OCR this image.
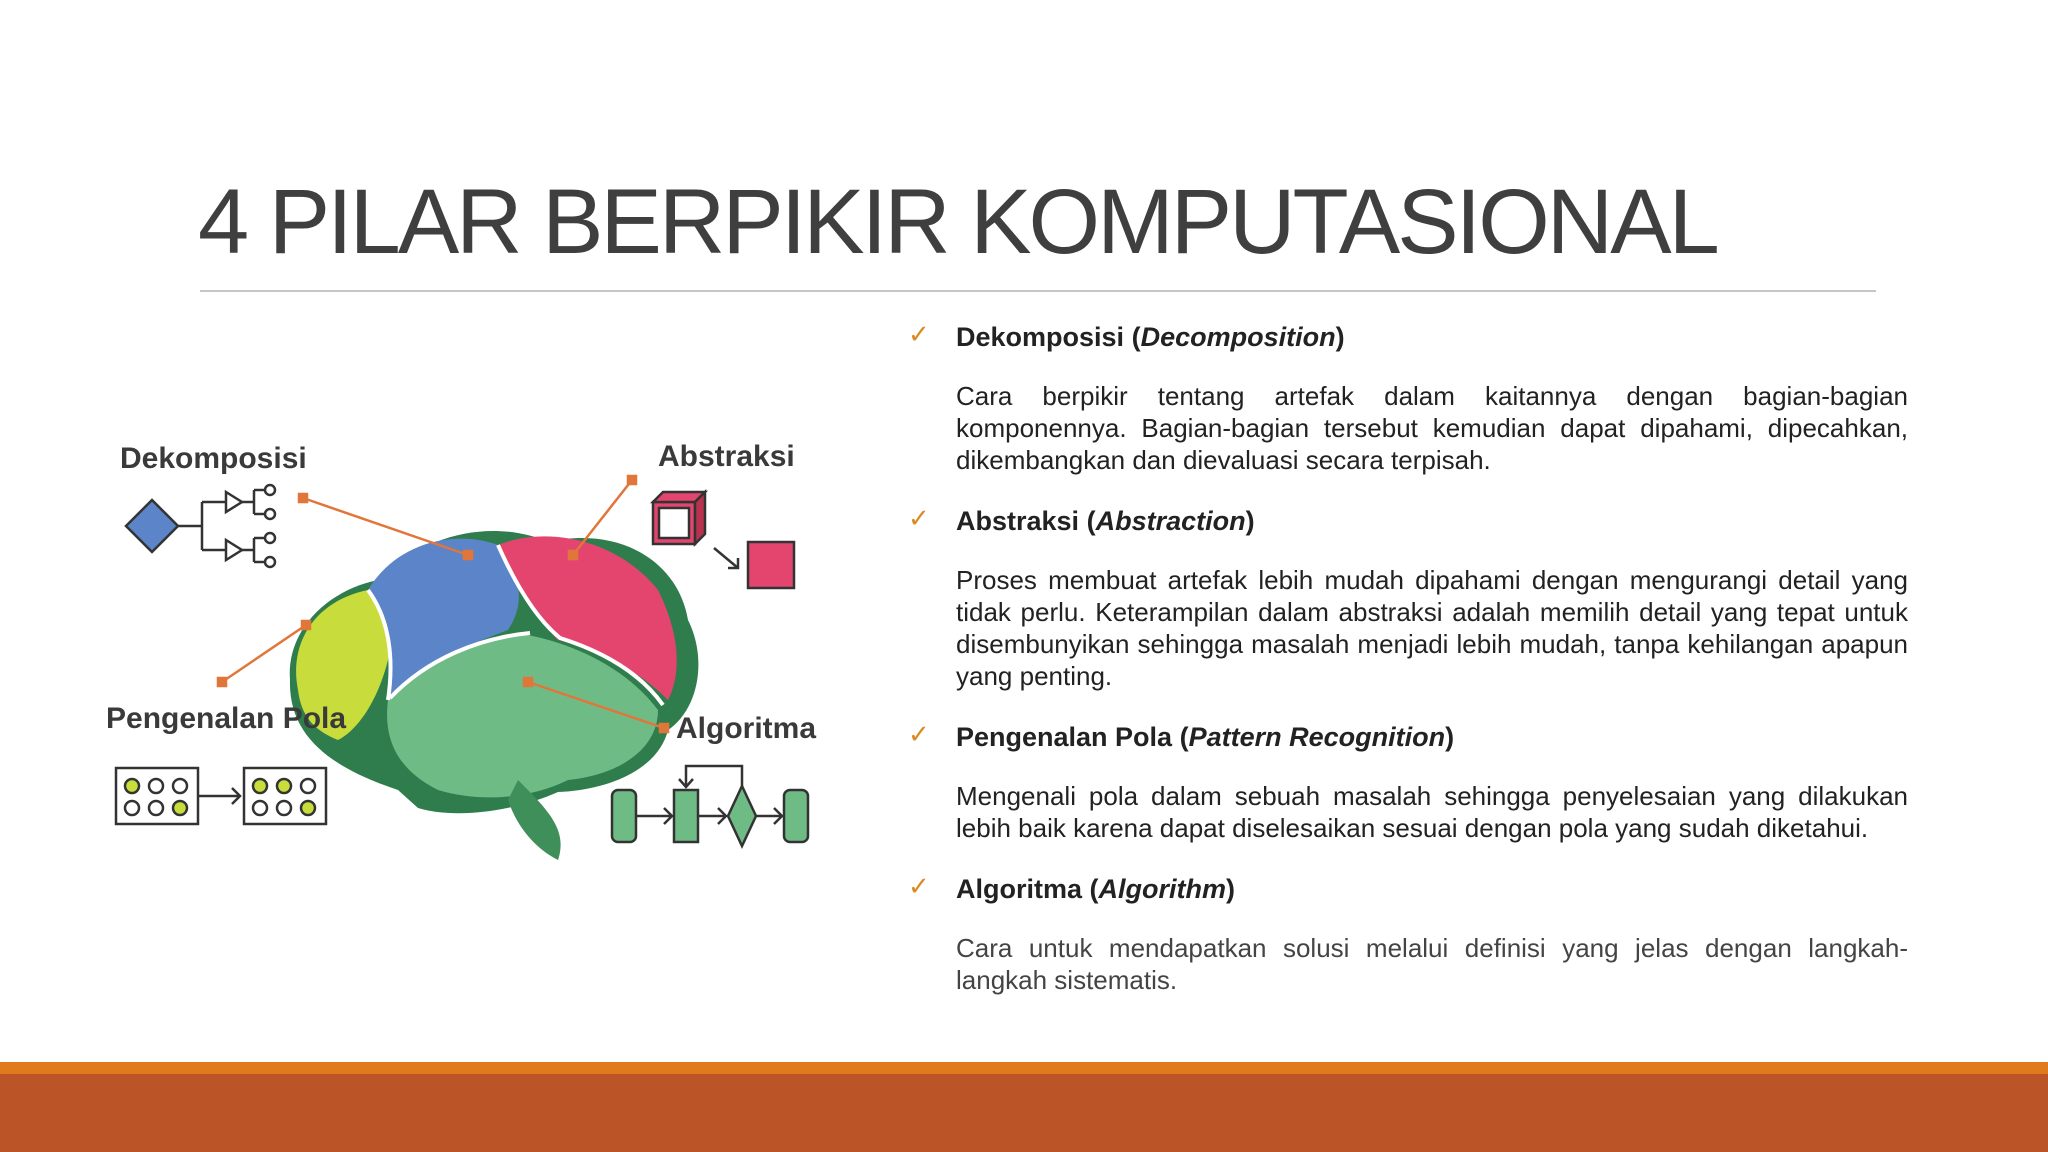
4 PILAR BERPIKIR KOMPUTASIONAL
Dekomposisi	Abstraksi
Pengenalan Pola	Algoritma
✓ Dekomposisi (Decomposition)
Cara berpikir tentang artefak dalam kaitannya dengan bagian-bagian komponennya. Bagian-bagian tersebut kemudian dapat dipahami, dipecahkan, dikembangkan dan dievaluasi secara terpisah.
✓ Abstraksi (Abstraction)
Proses membuat artefak lebih mudah dipahami dengan mengurangi detail yang tidak perlu. Keterampilan dalam abstraksi adalah memilih detail yang tepat untuk disembunyikan sehingga masalah menjadi lebih mudah, tanpa kehilangan apapun yang penting.
✓ Pengenalan Pola (Pattern Recognition)
Mengenali pola dalam sebuah masalah sehingga penyelesaian yang dilakukan lebih baik karena dapat diselesaikan sesuai dengan pola yang sudah diketahui.
✓ Algoritma (Algorithm)
Cara untuk mendapatkan solusi melalui definisi yang jelas dengan langkah-langkah sistematis.
